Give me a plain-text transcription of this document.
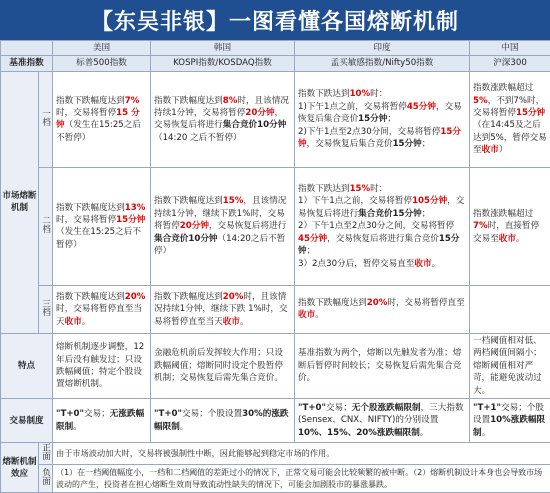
【东吴非银】一图看懂各国熔断机制
		美国	韩国	印度	中国
基准指数		标普500指数	KOSPI指数/KOSDAQ指数	孟买敏感指数/Nifty50指数	沪深300
市场熔断机制	一档	指数下跌幅度达到7%时，交易将暂停15 分 钟（发生在15:25之后不暂停）	指数下跌幅度达到8%时，且该情况持续1分钟，交易将暂停20分钟，交易恢复后将进行集合竞价10分钟（14:20 之后不暂停）	指数下跌达到10%时：
1)下午1点之前，交易将暂停45分钟，交易恢复后集合竞价15分钟；
2)下午1点至2点30分间，交易将暂停15分钟，交易恢复后集合竞价15分钟；	指数涨跌幅超过5%，不到7%时，交易将暂停15分钟（在14:45及之后达到5%，暂停交易至收市）
	二档	指数下跌幅度达到13%时，交易将暂停15分钟（发生在15:25之后不暂停）	指数下跌幅度达到15%，且该情况持续1分钟，继续下跌1%时，交易将暂停20分钟，交易恢复后将进行集合竞价10分钟（14:20之后不暂停）	指数下跌达到15%时：
1）下午1点之前，交易将暂停105分钟，交易恢复后将进行集合竞价15分钟；
2）下午1点至2点30分之间，交易将暂停45分钟，交易恢复后将进行集合竞价15分钟；
3）2点30分后，暂停交易直至收市。	指数涨跌幅超过7%时，直接暂停交易至收市。
	三档	指数下跌幅度达到20%时，交易将暂停直至当天收市。	指数下跌幅度达到20%时，且该情况持续1分钟，继续下跌 1%时，交易将暂停直至当天收市。	指数下跌幅度达到20%时，交易将暂停直至收市。	
特点		熔断机制逐步调整，12年后没有触发过；只设跌幅阈值；特定个股设置熔断机制。	金融危机前后发挥较大作用；只设跌幅阈值；熔断同时设定个股暂停机制；交易恢复后需先集合竞价。	基准指数为两个，熔断以先触发者为准；熔断后暂停时间较长；交易恢复后需先集合竞价。	一档阈值相对低、两档阈值间隔小；熔断阈值相对严苛，能避免波动过大。
交易制度		"T+0"交易；无涨跌幅限制。	"T+0"交易；个股设置30%的涨跌幅限制。	"T+0"交易；无个股涨跌幅限制，三大指数(Sensex、CNX、NIFTY)的分别设置10%、15%、20%涨跌幅限制。	"T+1"交易；个股设置10%涨跌幅限制。
熔断机制效应	正面	由于市场波动加大时，交易将被强制性中断，因此能够起到稳定市场的作用。			
	负面	（1）在一档阈值幅度小，一档和二档阈值的差距过小的情况下，正常交易可能会比较频繁的被中断。（2）熔断机制设计本身也会导致市场波动的产生，投资者在担心熔断生效而导致流动性缺失的情况下，可能会加剧股市的暴涨暴跌。			
